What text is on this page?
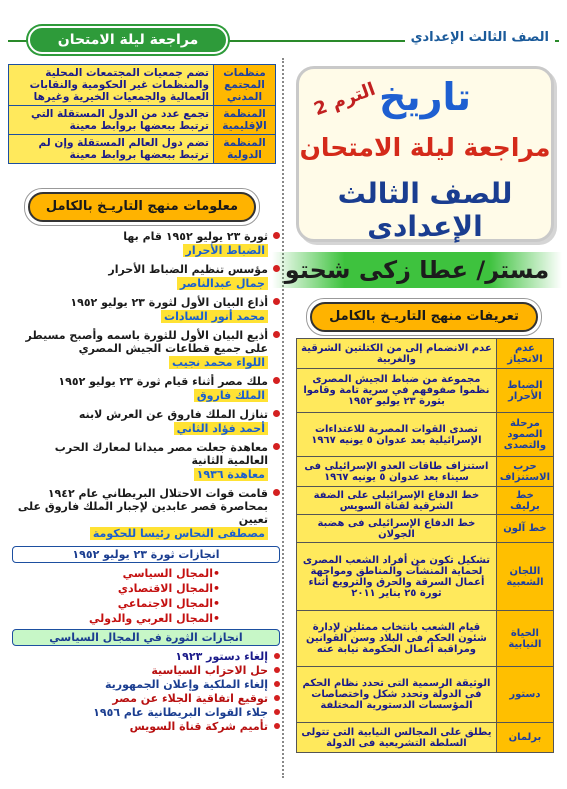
الصف الثالث الإعدادي
مراجعة ليلة الامتحان
منظمات المجتمع المدني	تضم جمعيات المجتمعات المحلية والمنظمات غير الحكومية والنقابات العمالية والجمعيات الخيرية وغيرها
المنظمة الإقليمية	تجمع عدد من الدول المستقلة التي ترتبط ببعضها بروابط معينة
المنظمة الدولية	تضم دول العالم المستقلة وإن لم ترتبط ببعضها بروابط معينة
الترم 2 تاريخ
مراجعة ليلة الامتحان
للصف الثالث الإعدادى
مستر/ عطا زكى شحتو
تعريفات منهج التاريـخ بالكامل
عدم الانحياز	عدم الانضمام إلى من الكتلتين الشرقية والغربية
الضباط الأحرار	مجموعة من ضباط الجيش المصرى نظموا صفوفهم في سرية تامة وقاموا بثورة ٢٣ يوليو ١٩٥٢
مرحلة الصمود والتصدى	تصدى القوات المصرية للاعتداءات الإسرائيلية بعد عدوان ٥ يونيه ١٩٦٧
حرب الاستنزاف	استنزاف طاقات العدو الإسرائيلى فى سيناء بعد عدوان ٥ يونيه ١٩٦٧
خط برليف	خط الدفاع الإسرائيلى على الضفة الشرقية لقناة السويس
خط آلون	خط الدفاع الإسرائيلى فى هضبة الجولان
اللجان الشعبية	تشكيل تكون من أفراد الشعب المصرى لحماية المنشآت والمناطق ومواجهة أعمال السرقة والحرق والترويع أثناء ثورة ٢٥ يناير ٢٠١١
الحياة النيابية	قيام الشعب بانتخاب ممثلين لإدارة شئون الحكم فى البلاد وسن القوانين ومراقبة أعمال الحكومة نيابة عنه
دستور	الوثيقة الرسمية التى تحدد نظام الحكم فى الدولة وتحدد شكل واختصاصات المؤسسات الدستورية المختلفة
برلمان	يطلق على المجالس النيابية التى تتولى السلطة التشريعية فى الدولة
معلومات منهج التاريـخ بالكامل
ثورة ٢٣ يوليو ١٩٥٢ قام بها
الضباط الأحرار
مؤسس تنظيم الضباط الأحرار
جمال عبدالناصر
أذاع البيان الأول لثورة ٢٣ يوليو ١٩٥٢
محمد أنور السادات
أذيع البيان الأول للثورة باسمه وأصبح مسيطر على جميع قطاعات الجيش المصري
اللواء محمد نجيب
ملك مصر أثناء قيام ثورة ٢٣ يوليو ١٩٥٢
الملك فاروق
تنازل الملك فاروق عن العرش لابنه
أحمد فؤاد الثاني
معاهدة جعلت مصر ميدانا لمعارك الحرب العالمية الثانية
معاهدة ١٩٣٦
قامت قوات الاحتلال البريطاني عام ١٩٤٢ بمحاصرة قصر عابدين لإجبار الملك فاروق على تعيين
مصطفى النحاس رئيسا للحكومة
انجازات ثورة ٢٣ يوليو ١٩٥٢
•المجال السياسي
•المجال الاقتصادي
•المجال الاجتماعي
•المجال العربي والدولي
انجازات الثورة في المجال السياسي
إلغاء دستور ١٩٢٣
حل الاحزاب السياسية
إلغاء الملكية وإعلان الجمهورية
توقيع اتفاقية الجلاء عن مصر
جلاء القوات البريطانية عام ١٩٥٦
تأميم شركة قناة السويس
